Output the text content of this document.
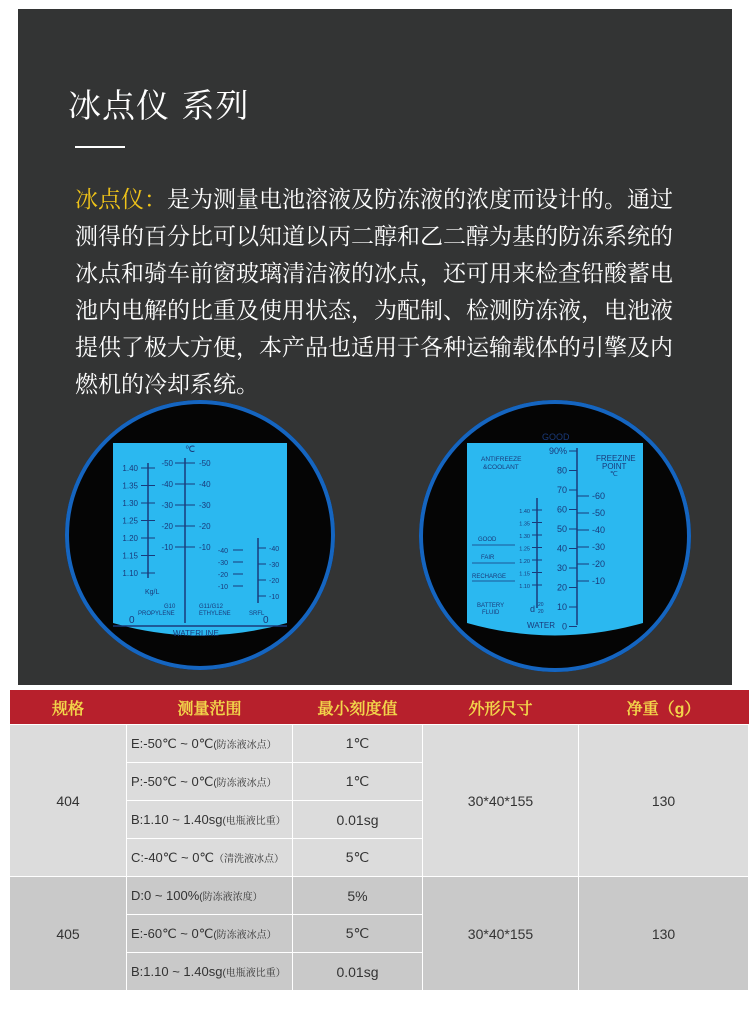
冰点仪 系列
冰点仪：是为测量电池溶液及防冻液的浓度而设计的。通过测得的百分比可以知道以丙二醇和乙二醇为基的防冻系统的冰点和骑车前窗玻璃清洁液的冰点，还可用来检查铅酸蓄电池内电解的比重及使用状态，为配制、检测防冻液，电池液提供了极大方便，本产品也适用于各种运输载体的引擎及内燃机的冷却系统。
℃
1.40
1.35
1.30
1.25
1.20
1.15
1.10
-50
-40
-30
-20
-10
-50
-40
-30
-20
-10 -40
-30
-20
-10
-40
-30
-20
-10
Kg/L
0	0
G10
PROPYLENE
G11/G12
ETHYLENE	SRFL
WATERLINE
GOOD
90%
80
70
60
50
40
30
20
10
0
-60
-50
-40
-30
-20
-10
1.40
1.35
1.30
1.25
1.20
1.15
1.10
ANTIFREEZE
&COOLANT
FREEZINE
POINT
℃
GOOD
FAIR
RECHARGE
BATTERY
FLUID	d 20
20
WATER
规格	测量范围	最小刻度值	外形尺寸	净重（g）
404	E:-50℃ ~ 0℃(防冻液冰点）	1℃	30*40*155	130
	P:-50℃ ~ 0℃(防冻液冰点）	1℃		
	B:1.10 ~ 1.40sg(电瓶液比重）	0.01sg		
	C:-40℃ ~ 0℃（清洗液冰点）	5℃		
405	D:0 ~ 100%(防冻液浓度）	5%	30*40*155	130
	E:-60℃ ~ 0℃(防冻液冰点）	5℃		
	B:1.10 ~ 1.40sg(电瓶液比重）	0.01sg		
